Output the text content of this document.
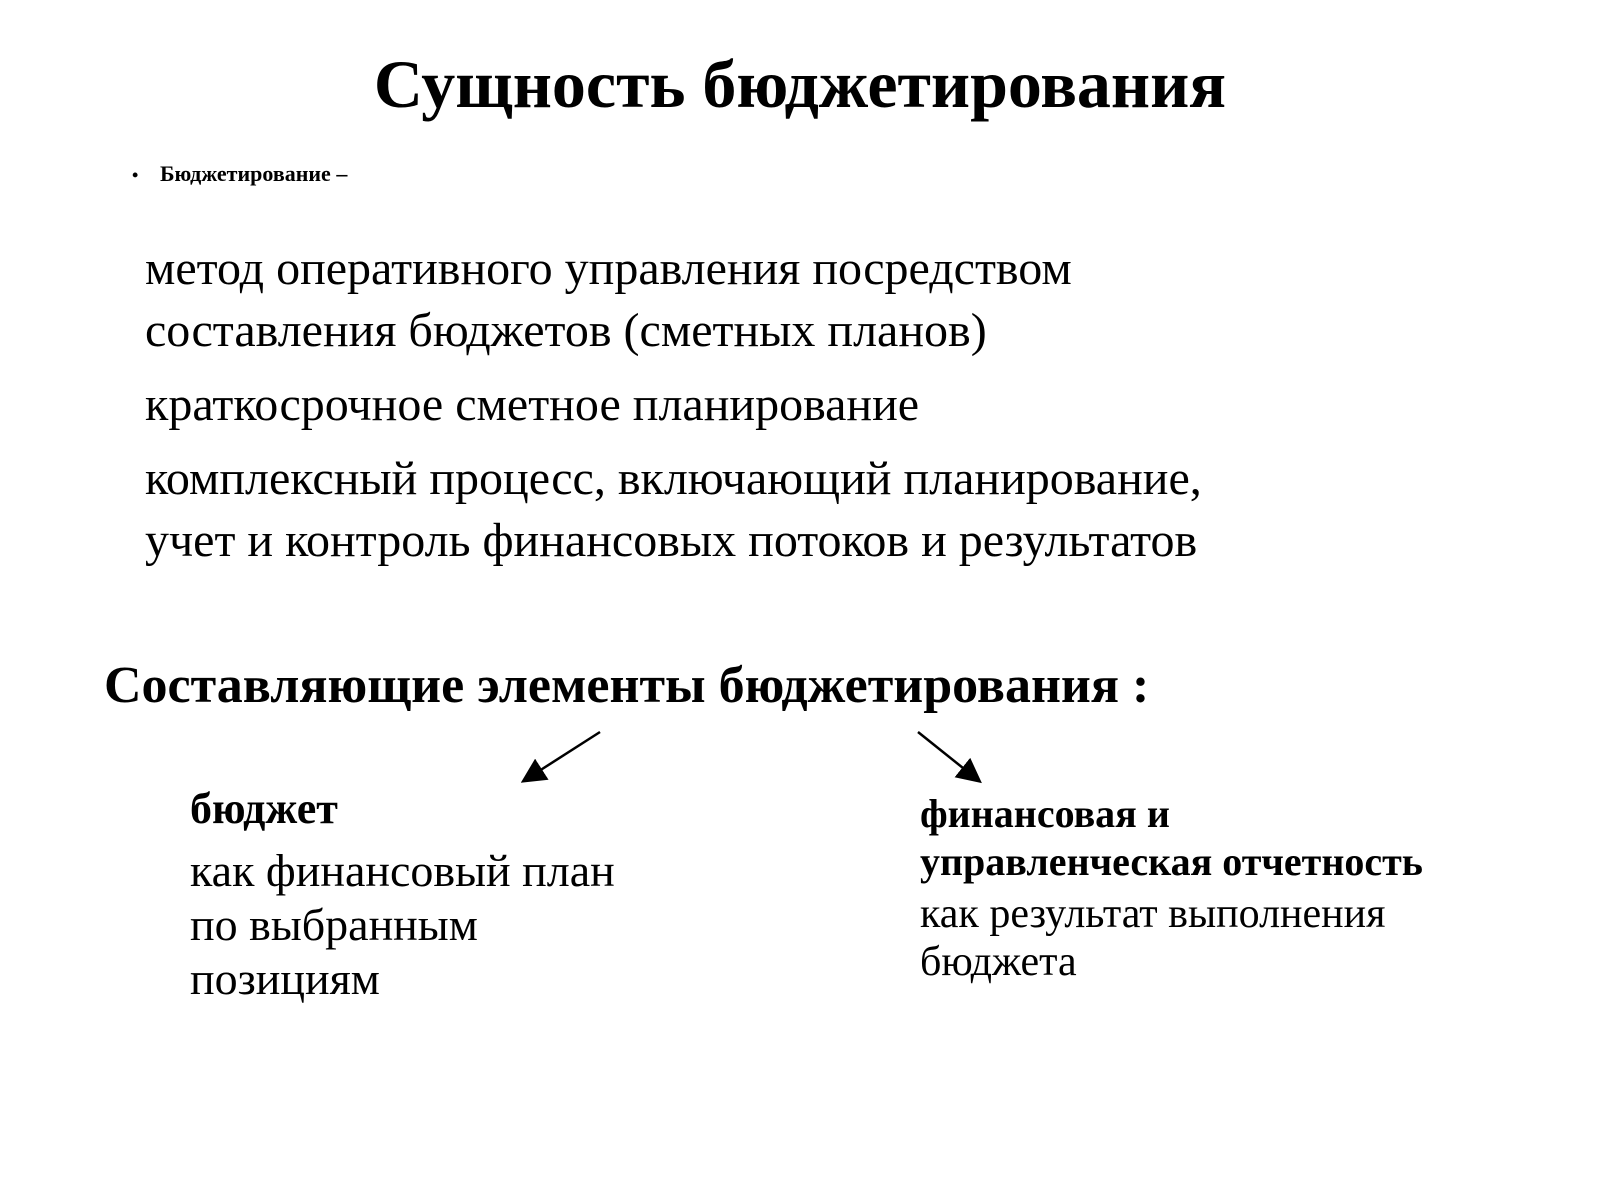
Сущность бюджетирования
• Бюджетирование –
метод оперативного управления посредством
составления бюджетов (сметных планов)
краткосрочное сметное планирование
комплексный процесс, включающий планирование,
учет и контроль финансовых потоков и результатов
Составляющие элементы бюджетирования :
бюджет
как финансовый план
по выбранным
позициям
финансовая и
управленческая отчетность
как результат выполнения
бюджета
